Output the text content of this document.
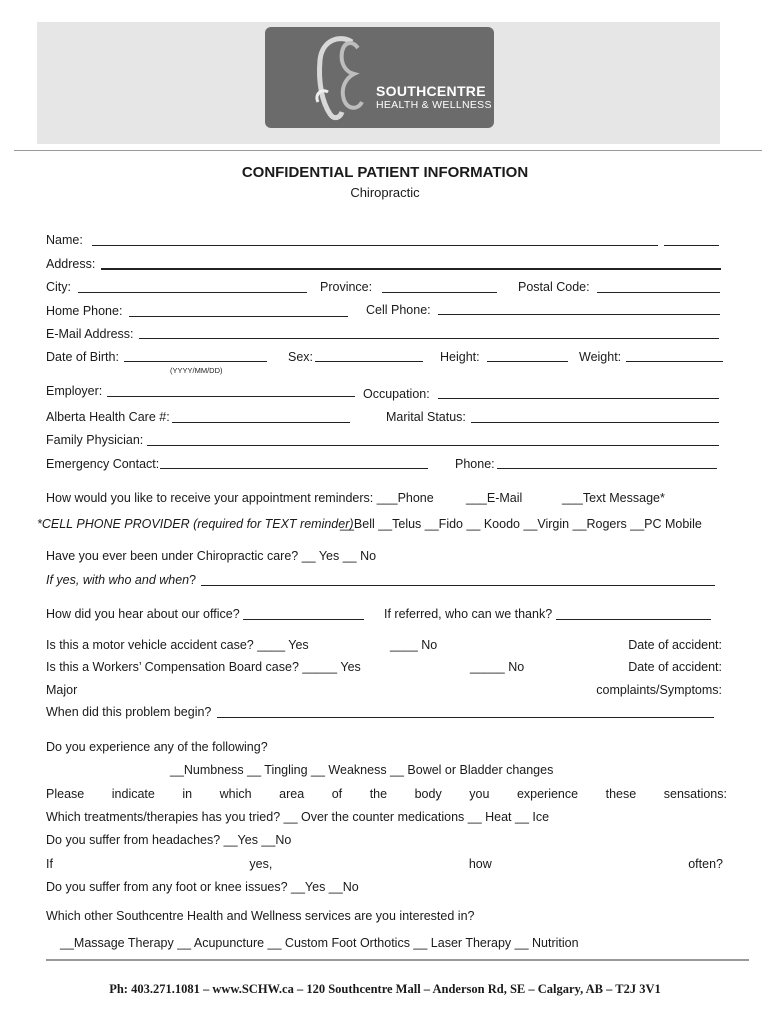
SOUTHCENTRE
HEALTH & WELLNESS
CONFIDENTIAL PATIENT INFORMATION
Chiropractic
Name:
Address:
City:	Province:	Postal Code:
Home Phone:	Cell Phone:
E-Mail Address:
Date of Birth:
(YYYY/MM/DD)
Sex:	Height:	Weight:
Employer:	Occupation:
Alberta Health Care #:	Marital Status:
Family Physician:
Emergency Contact:	Phone:
How would you like to receive your appointment reminders: ___Phone	___E-Mail	___Text Message*
*CELL PHONE PROVIDER (required for TEXT reminder)
__Bell __Telus __Fido __ Koodo __Virgin __Rogers __PC Mobile
Have you ever been under Chiropractic care? __ Yes __ No
If yes, with who and when?
How did you hear about our office?	If referred, who can we thank?
Is this a motor vehicle accident case? ____ Yes	____ No	Date of accident:
Is this a Workers’ Compensation Board case? _____ Yes	_____ No	Date of accident:
Major	complaints/Symptoms:
When did this problem begin?
Do you experience any of the following?
__Numbness __ Tingling __ Weakness __ Bowel or Bladder changes
Please indicate in which area of the body you experience these sensations:
Which treatments/therapies has you tried? __ Over the counter medications __ Heat __ Ice
Do you suffer from headaches? __Yes __No
If	yes,	how	often?
Do you suffer from any foot or knee issues? __Yes __No
Which other Southcentre Health and Wellness services are you interested in?
__Massage Therapy __ Acupuncture __ Custom Foot Orthotics __ Laser Therapy __ Nutrition
Ph: 403.271.1081 – www.SCHW.ca – 120 Southcentre Mall – Anderson Rd, SE – Calgary, AB – T2J 3V1
